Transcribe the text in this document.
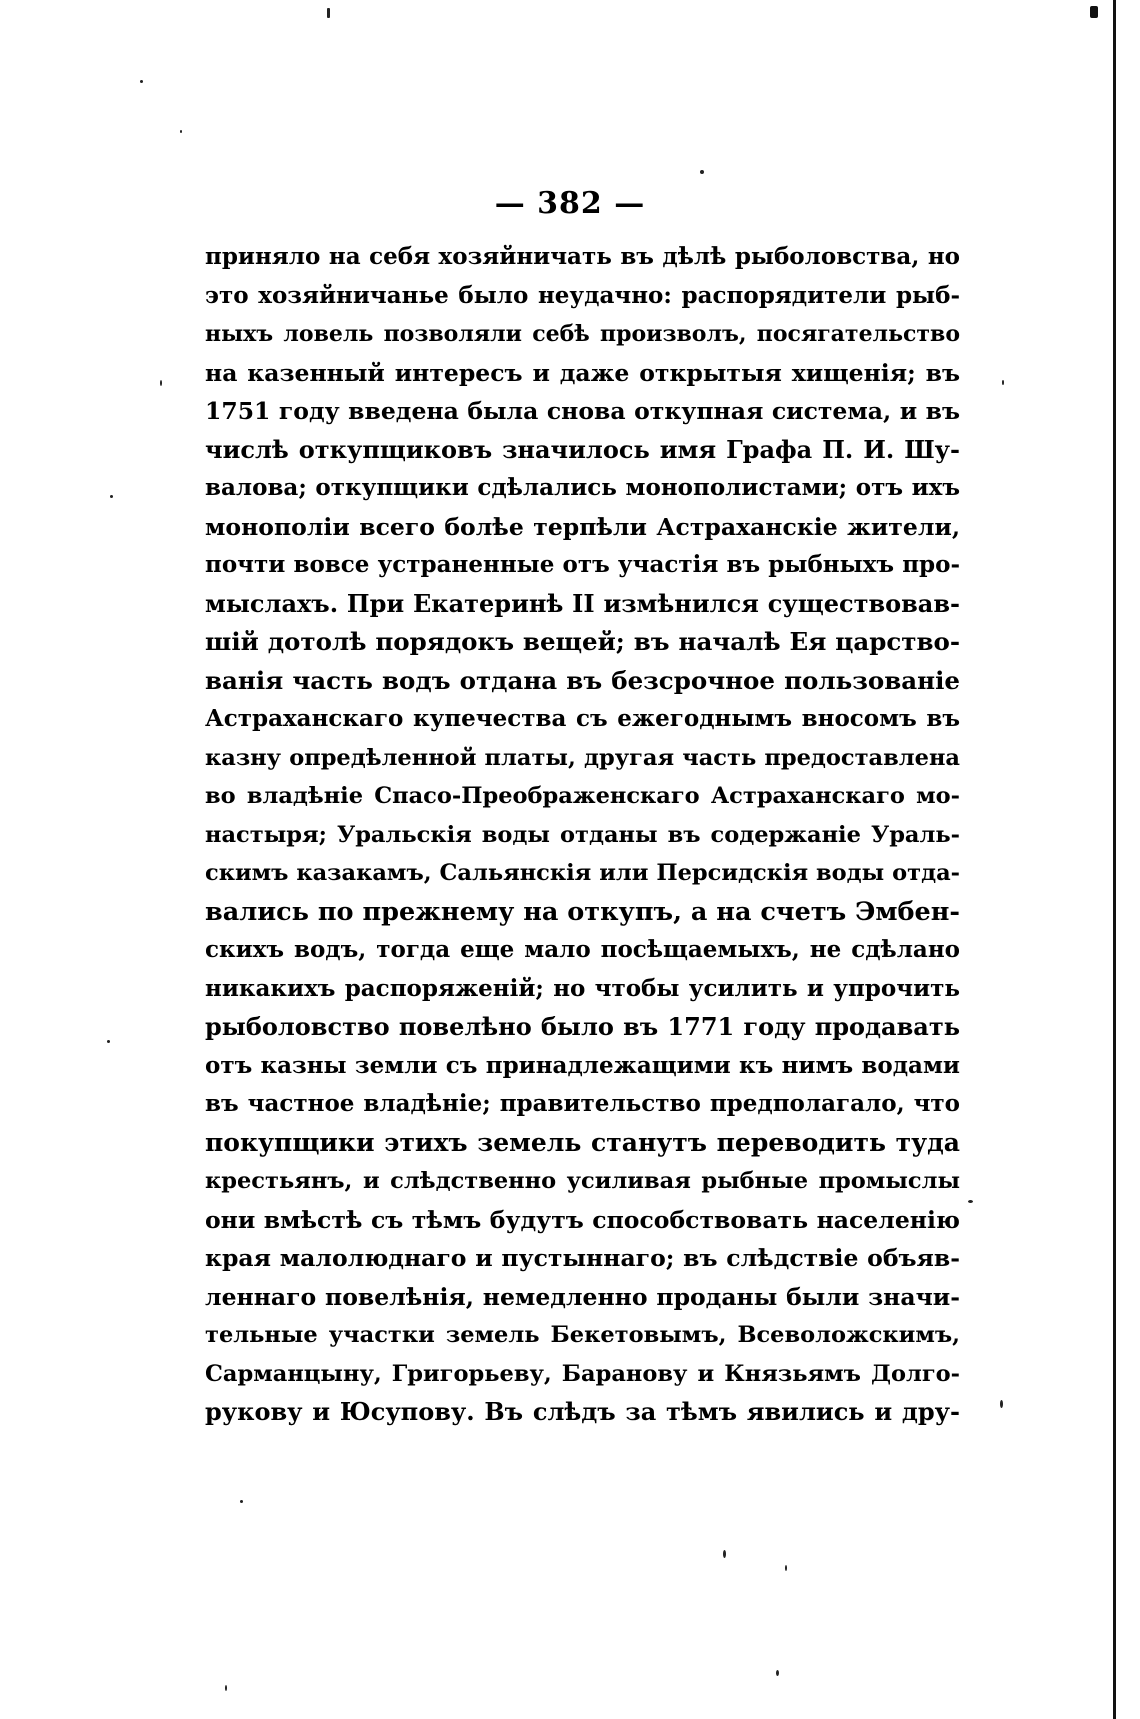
— 382 —
приняло на себя хозяйничать въ дѣлѣ рыболовства, но
это хозяйничанье было неудачно: распорядители рыб-
ныхъ ловель позволяли себѣ произволъ, посягательство
на казенный интересъ и даже открытыя хищенія; въ
1751 году введена была снова откупная система, и въ
числѣ откупщиковъ значилось имя Графа П. И. Шу-
валова; откупщики сдѣлались монополистами; отъ ихъ
монополіи всего болѣе терпѣли Астраханскіе жители,
почти вовсе устраненные отъ участія въ рыбныхъ про-
мыслахъ. При Екатеринѣ II измѣнился существовав-
шій дотолѣ порядокъ вещей; въ началѣ Ея царство-
ванія часть водъ отдана въ безсрочное пользованіе
Астраханскаго купечества съ ежегоднымъ вносомъ въ
казну опредѣленной платы, другая часть предоставлена
во владѣніе Спасо-Преображенскаго Астраханскаго мо-
настыря; Уральскія воды отданы въ содержаніе Ураль-
скимъ казакамъ, Сальянскія или Персидскія воды отда-
вались по прежнему на откупъ, а на счетъ Эмбен-
скихъ водъ, тогда еще мало посѣщаемыхъ, не сдѣлано
никакихъ распоряженій; но чтобы усилить и упрочить
рыболовство повелѣно было въ 1771 году продавать
отъ казны земли съ принадлежащими къ нимъ водами
въ частное владѣніе; правительство предполагало, что
покупщики этихъ земель станутъ переводить туда
крестьянъ, и слѣдственно усиливая рыбные промыслы
они вмѣстѣ съ тѣмъ будутъ способствовать населенію
края малолюднаго и пустыннаго; въ слѣдствіе объяв-
леннаго повелѣнія, немедленно проданы были значи-
тельные участки земель Бекетовымъ, Всеволожскимъ,
Сарманцыну, Григорьеву, Баранову и Князьямъ Долго-
рукову и Юсупову. Въ слѣдъ за тѣмъ явились и дру-
